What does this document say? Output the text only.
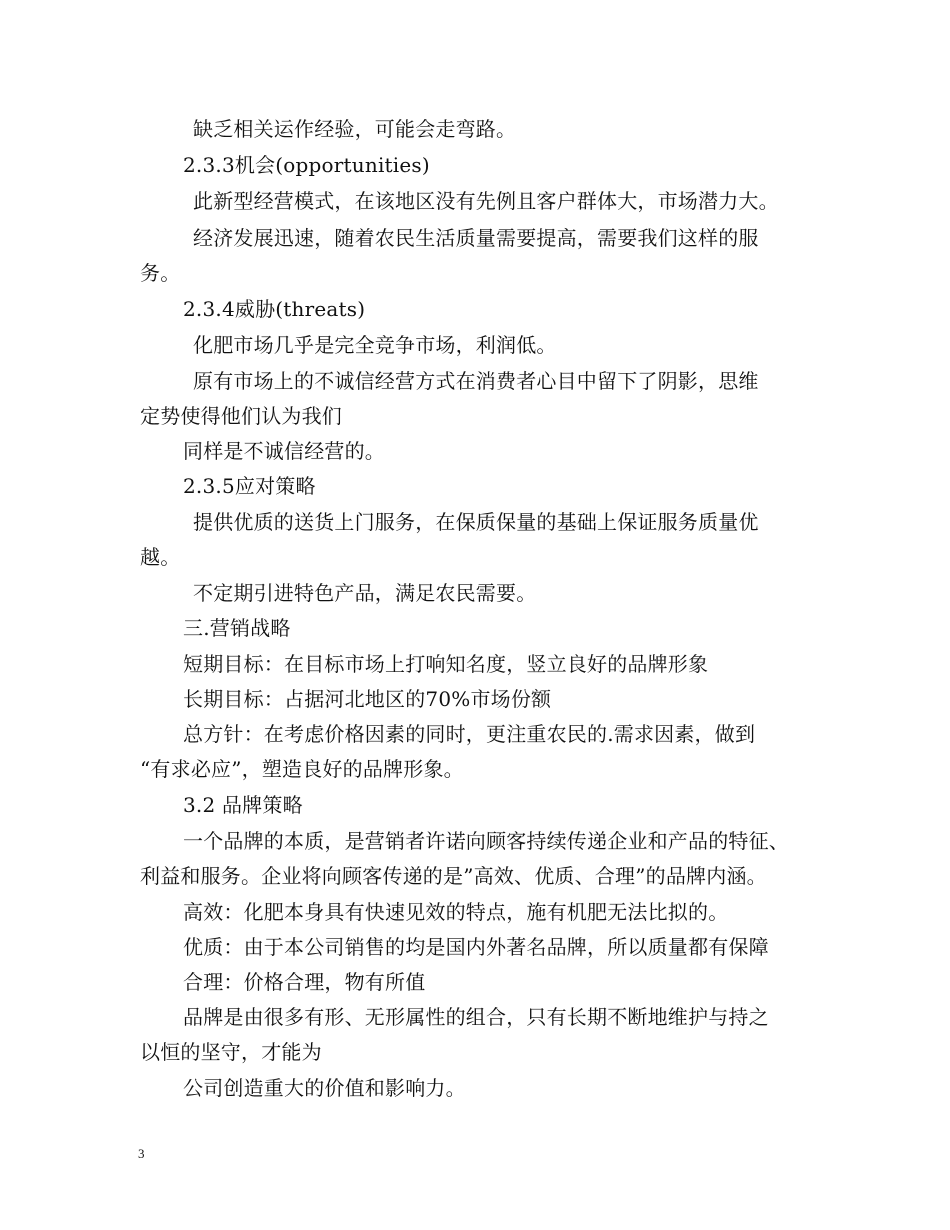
缺乏相关运作经验，可能会走弯路。
2.3.3机会(opportunities)
此新型经营模式，在该地区没有先例且客户群体大，市场潜力大。
经济发展迅速，随着农民生活质量需要提高，需要我们这样的服
务。
2.3.4威胁(threats)
化肥市场几乎是完全竞争市场，利润低。
原有市场上的不诚信经营方式在消费者心目中留下了阴影，思维
定势使得他们认为我们
同样是不诚信经营的。
2.3.5应对策略
提供优质的送货上门服务，在保质保量的基础上保证服务质量优
越。
不定期引进特色产品，满足农民需要。
三.营销战略
短期目标：在目标市场上打响知名度，竖立良好的品牌形象
长期目标：占据河北地区的70%市场份额
总方针：在考虑价格因素的同时，更注重农民的.需求因素，做到
“有求必应”，塑造良好的品牌形象。
3.2 品牌策略
一个品牌的本质，是营销者许诺向顾客持续传递企业和产品的特征、
利益和服务。企业将向顾客传递的是”高效、优质、合理”的品牌内涵。
高效：化肥本身具有快速见效的特点，施有机肥无法比拟的。
优质：由于本公司销售的均是国内外著名品牌，所以质量都有保障
合理：价格合理，物有所值
品牌是由很多有形、无形属性的组合，只有长期不断地维护与持之
以恒的坚守，才能为
公司创造重大的价值和影响力。
3
